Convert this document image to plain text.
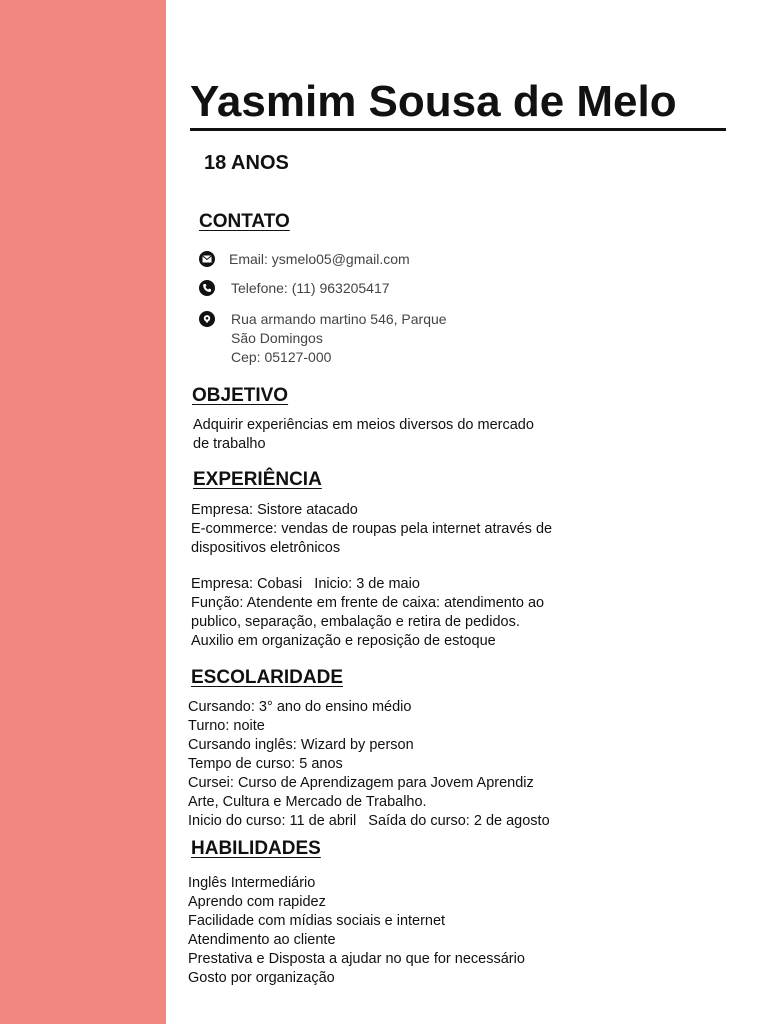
Yasmim Sousa de Melo
18 ANOS
CONTATO
Email: ysmelo05@gmail.com
Telefone: (11) 963205417
Rua armando martino 546, Parque
São Domingos
Cep: 05127-000
OBJETIVO
Adquirir experiências em meios diversos do mercado
de trabalho
EXPERIÊNCIA
Empresa: Sistore atacado
E-commerce: vendas de roupas pela internet através de
dispositivos eletrônicos
Empresa: Cobasi   Inicio: 3 de maio
Função: Atendente em frente de caixa: atendimento ao
publico, separação, embalação e retira de pedidos.
Auxilio em organização e reposição de estoque
ESCOLARIDADE
Cursando: 3° ano do ensino médio
Turno: noite
Cursando inglês: Wizard by person
Tempo de curso: 5 anos
Cursei: Curso de Aprendizagem para Jovem Aprendiz
Arte, Cultura e Mercado de Trabalho.
Inicio do curso: 11 de abril   Saída do curso: 2 de agosto
HABILIDADES
Inglês Intermediário
Aprendo com rapidez
Facilidade com mídias sociais e internet
Atendimento ao cliente
Prestativa e Disposta a ajudar no que for necessário
Gosto por organização
